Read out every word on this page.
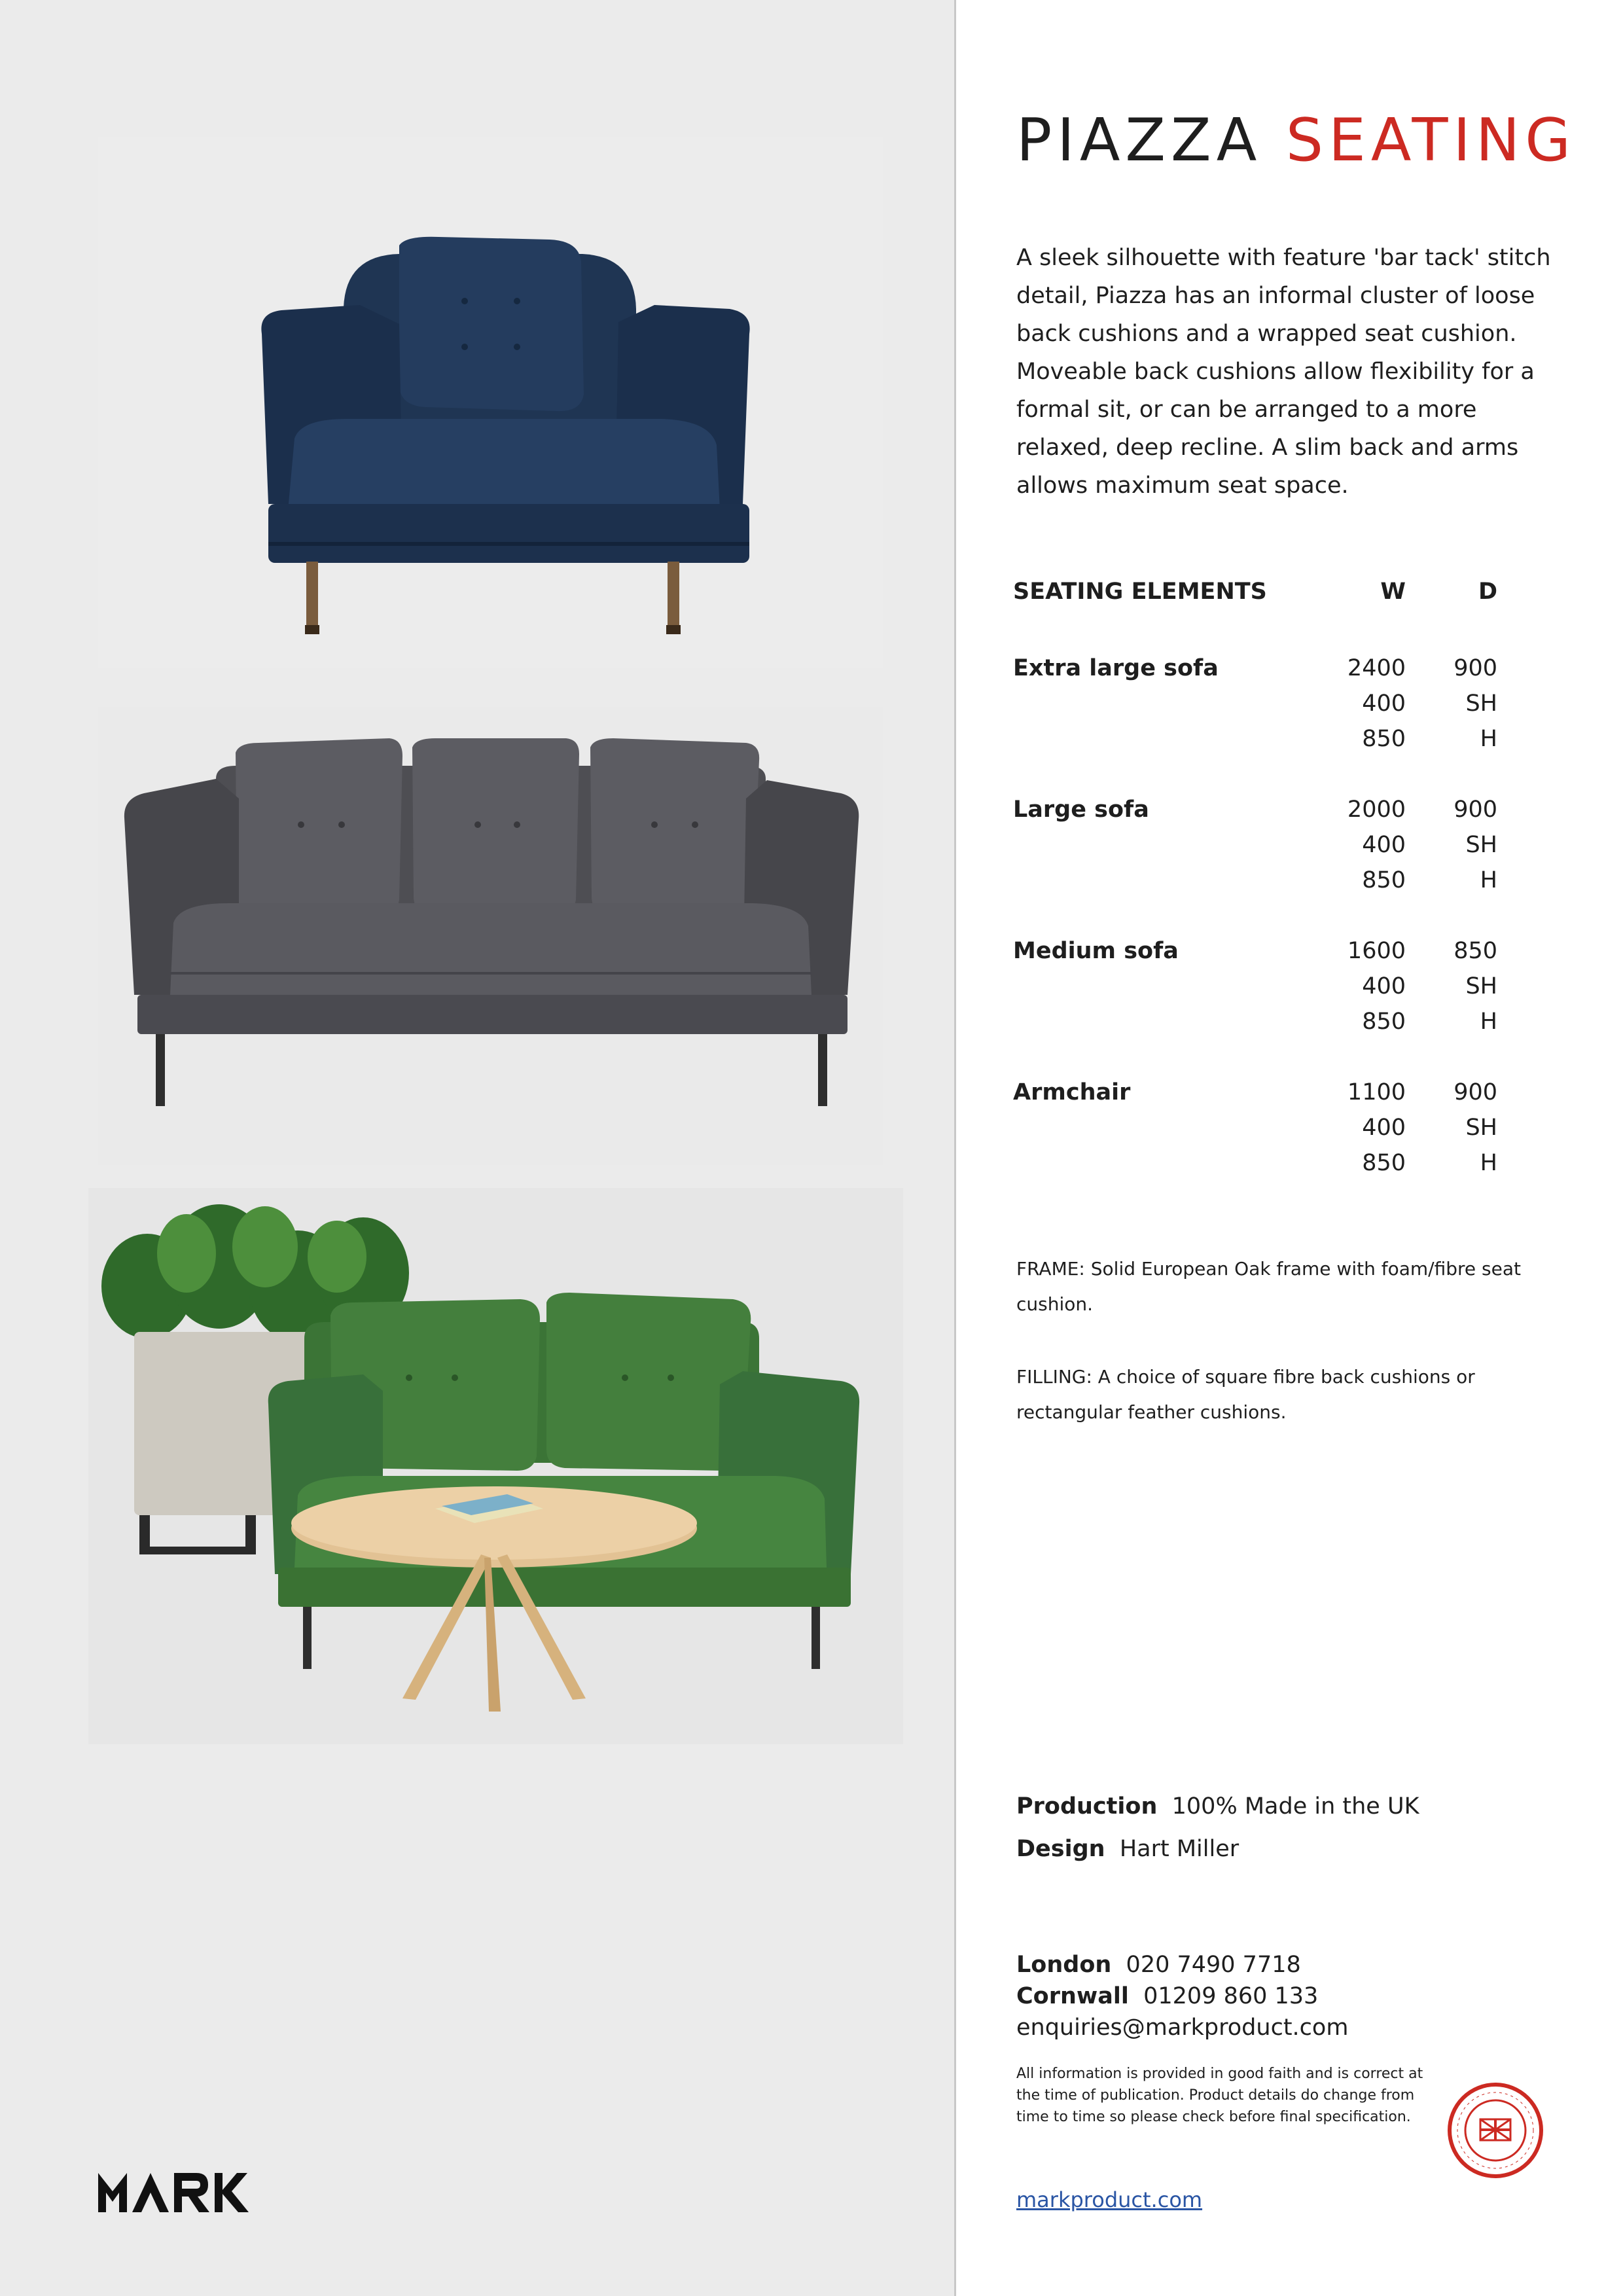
PIAZZA SEATING
A sleek silhouette with feature 'bar tack' stitch detail, Piazza has an informal cluster of loose back cushions and a wrapped seat cushion. Moveable back cushions allow flexibility for a formal sit, or can be arranged to a more relaxed, deep recline. A slim back and arms allows maximum seat space.
SEATING ELEMENTS	W	D

Extra large sofa	2400	900
	400	SH
	850	H

Large sofa	2000	900
	400	SH
	850	H

Medium sofa	1600	850
	400	SH
	850	H

Armchair	1100	900
	400	SH
	850	H
FRAME: Solid European Oak frame with foam/fibre seat cushion.
FILLING: A choice of square fibre back cushions or rectangular feather cushions.
Production 100% Made in the UK
Design Hart Miller
London 020 7490 7718
Cornwall 01209 860 133
enquiries@markproduct.com
All information is provided in good faith and is correct at the time of publication. Product details do change from time to time so please check before final specification.
markproduct.com
